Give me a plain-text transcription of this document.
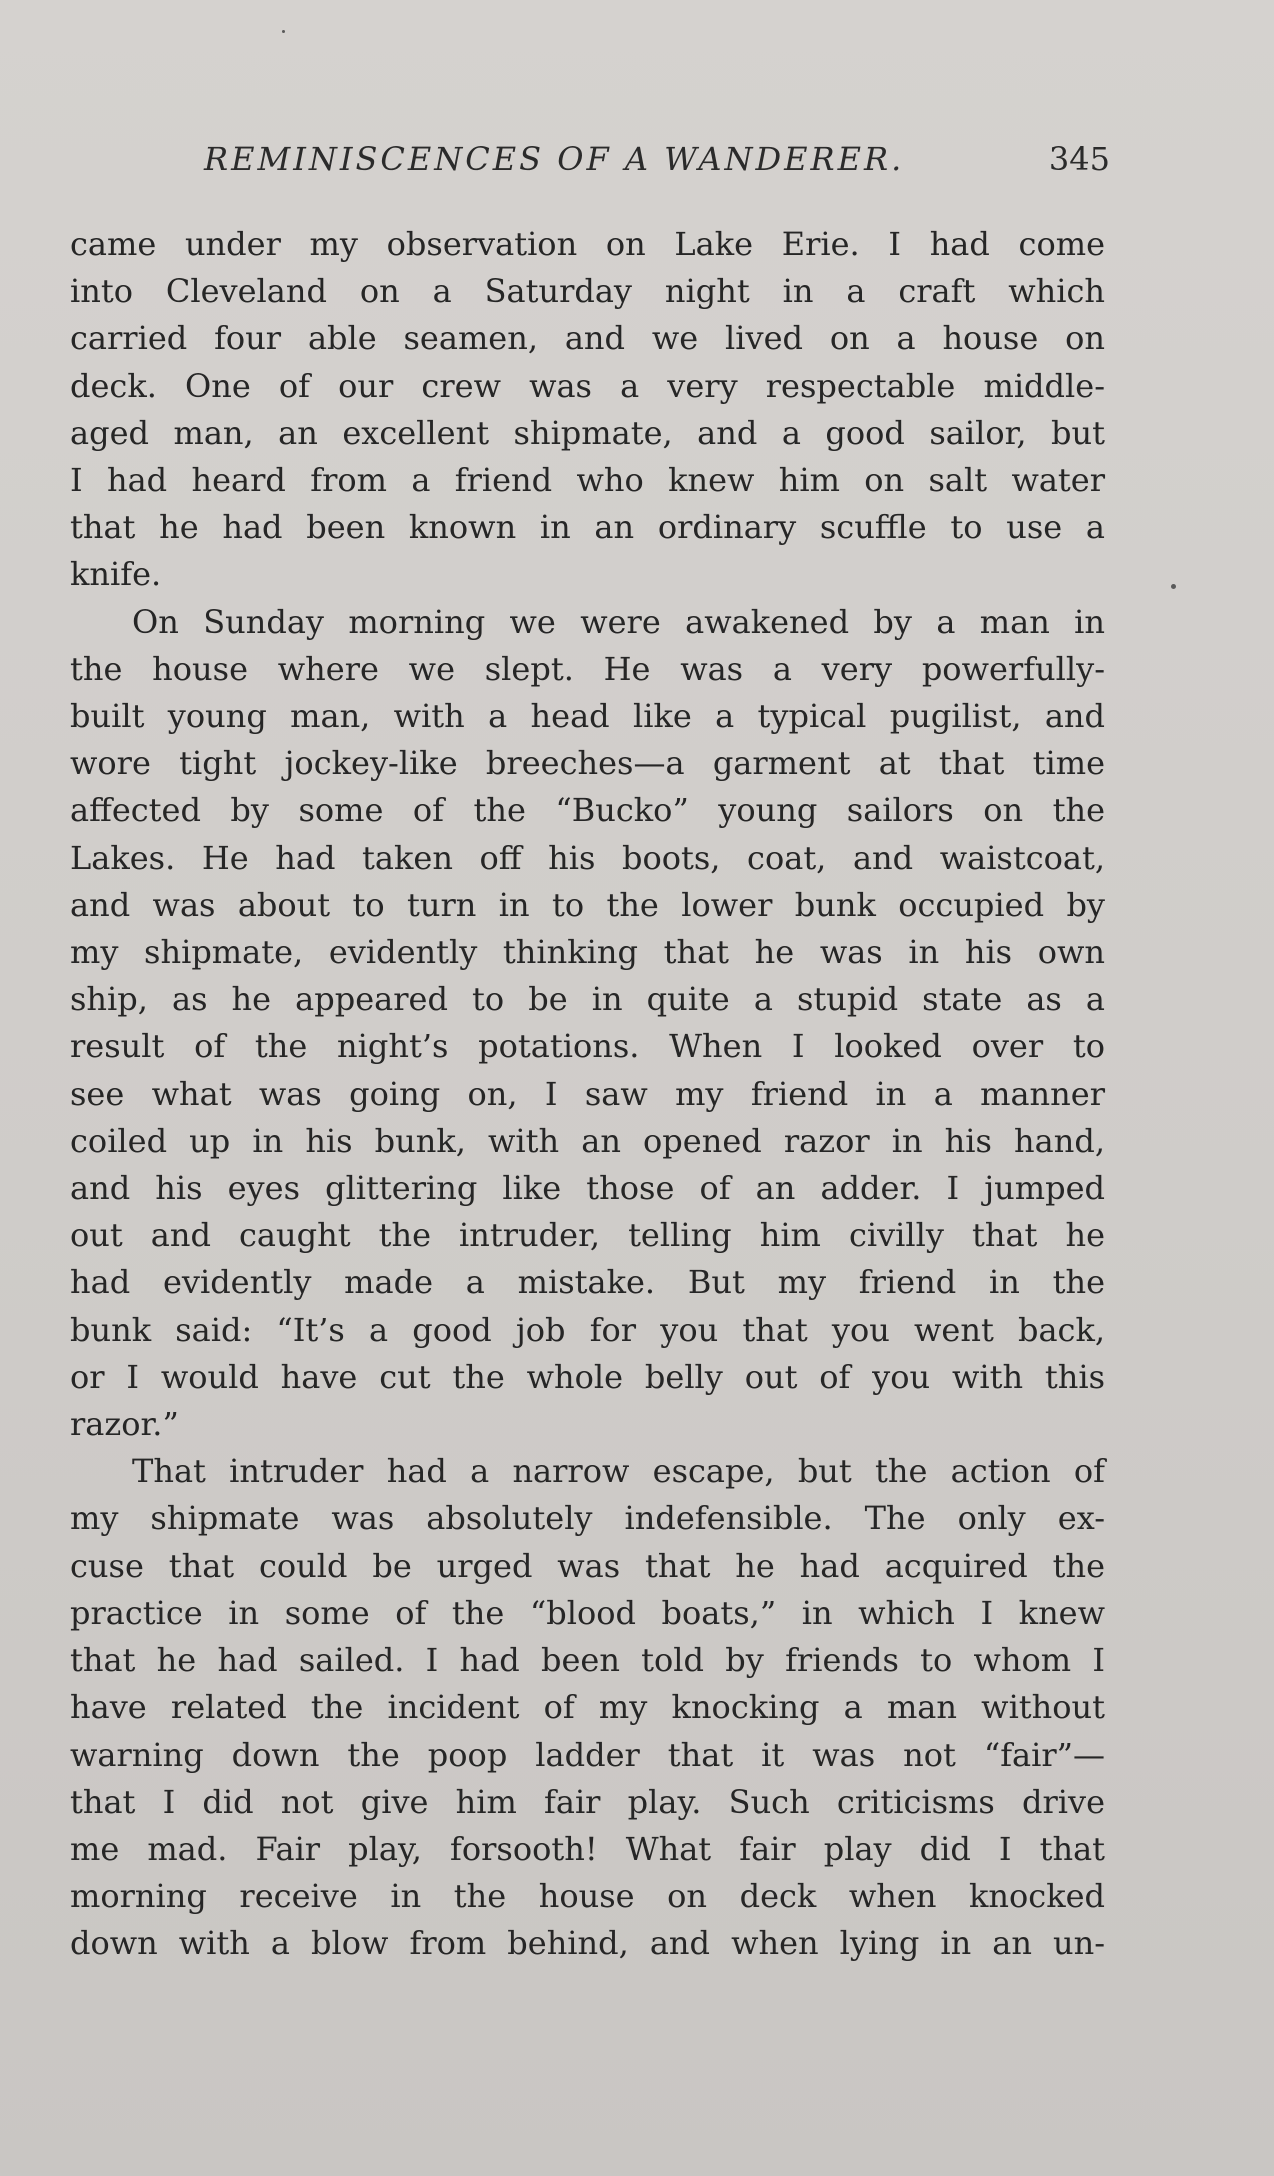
REMINISCENCES OF A WANDERER.	345
came under my observation on Lake Erie. I had come
into Cleveland on a Saturday night in a craft which
carried four able seamen, and we lived on a house on
deck. One of our crew was a very respectable middle-
aged man, an excellent shipmate, and a good sailor, but
I had heard from a friend who knew him on salt water
that he had been known in an ordinary scuffle to use a
knife.
On Sunday morning we were awakened by a man in
the house where we slept. He was a very powerfully-
built young man, with a head like a typical pugilist, and
wore tight jockey-like breeches—a garment at that time
affected by some of the “Bucko” young sailors on the
Lakes. He had taken off his boots, coat, and waistcoat,
and was about to turn in to the lower bunk occupied by
my shipmate, evidently thinking that he was in his own
ship, as he appeared to be in quite a stupid state as a
result of the night’s potations. When I looked over to
see what was going on, I saw my friend in a manner
coiled up in his bunk, with an opened razor in his hand,
and his eyes glittering like those of an adder. I jumped
out and caught the intruder, telling him civilly that he
had evidently made a mistake. But my friend in the
bunk said: “It’s a good job for you that you went back,
or I would have cut the whole belly out of you with this
razor.”
That intruder had a narrow escape, but the action of
my shipmate was absolutely indefensible. The only ex-
cuse that could be urged was that he had acquired the
practice in some of the “blood boats,” in which I knew
that he had sailed. I had been told by friends to whom I
have related the incident of my knocking a man without
warning down the poop ladder that it was not “fair”—
that I did not give him fair play. Such criticisms drive
me mad. Fair play, forsooth! What fair play did I that
morning receive in the house on deck when knocked
down with a blow from behind, and when lying in an un-
